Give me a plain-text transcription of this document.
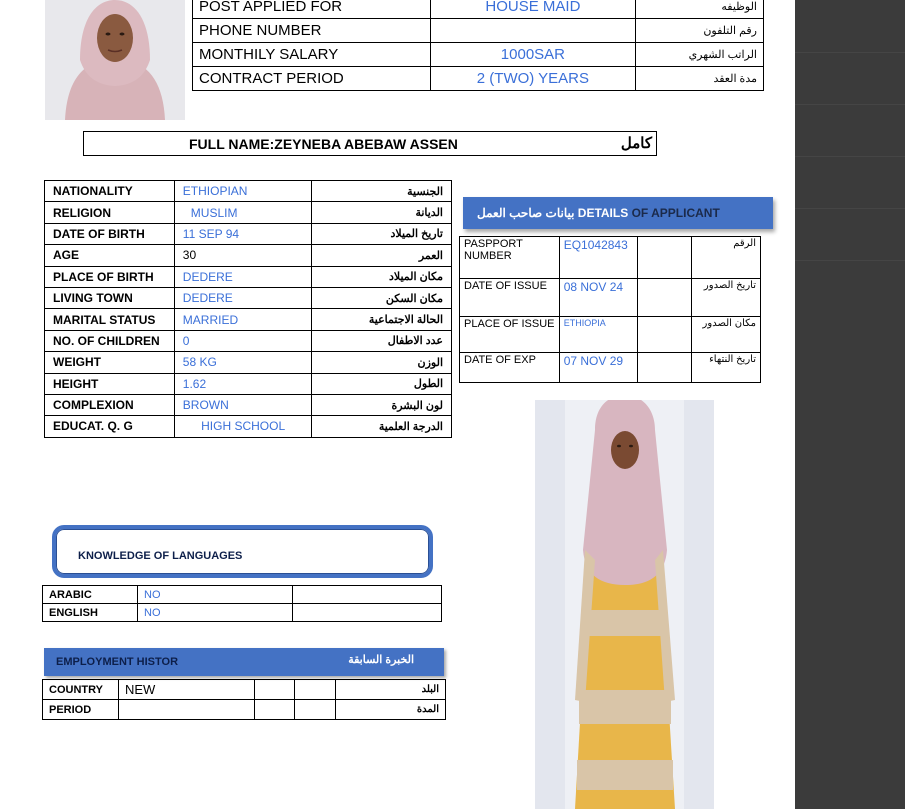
POST APPLIED FOR	HOUSE MAID	الوظيفه
PHONE NUMBER		رقم التلفون
MONTHILY SALARY	1000SAR	الراتب الشهري
CONTRACT PERIOD	2 (TWO) YEARS	مدة العقد
FULL NAME:ZEYNEBA ABEBAW ASSEN	كامل
NATIONALITY	ETHIOPIAN	الجنسية
RELIGION	MUSLIM	الديانة
DATE OF BIRTH	11 SEP 94	تاريخ الميلاد
AGE	30	العمر
PLACE OF BIRTH	DEDERE	مكان الميلاد
LIVING TOWN	DEDERE	مكان السكن
MARITAL STATUS	MARRIED	الحالة الاجتماعية
NO. OF CHILDREN	0	عدد الاطفال
WEIGHT	58 KG	الوزن
HEIGHT	1.62	الطول
COMPLEXION	BROWN	لون البشرة
EDUCAT. Q. G	HIGH SCHOOL	الدرجة العلمية
بيانات صاحب العمل DETAILS OF APPLICANT
PASPPORT NUMBER	EQ1042843		الرقم
DATE OF ISSUE	08 NOV 24		تاريخ الصدور
PLACE OF ISSUE	ETHIOPIA		مكان الصدور
DATE OF EXP	07 NOV 29		تاريخ النتهاء
KNOWLEDGE OF LANGUAGES
ARABIC	NO	
ENGLISH	NO	
EMPLOYMENT HISTOR	الخبرة السابقة
COUNTRY	NEW			البلد
PERIOD				المدة
